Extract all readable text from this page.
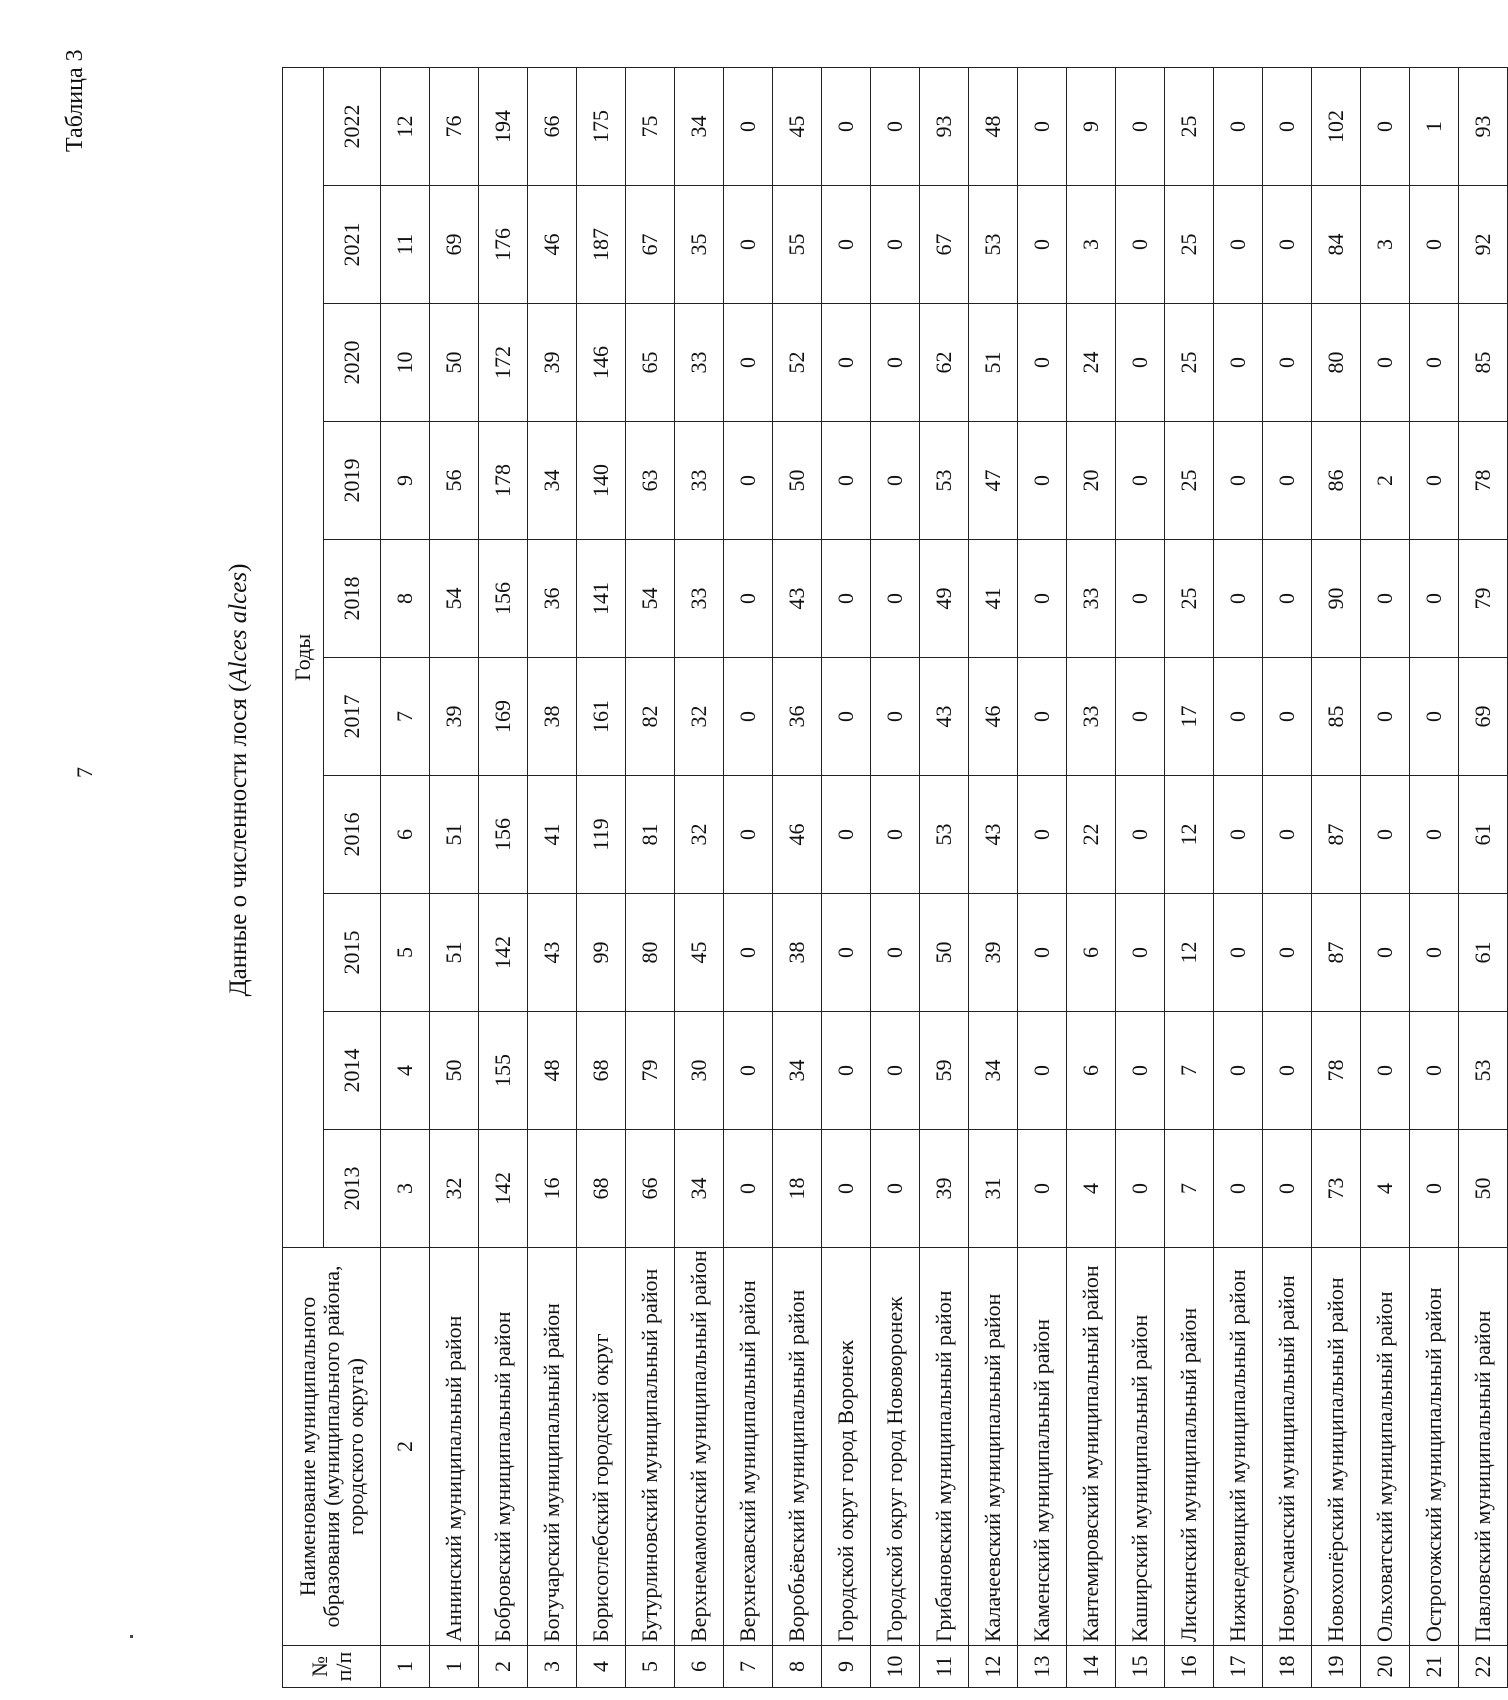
7
Таблица 3
Данные о численности лося (Alces alces)
№ п/п	Наименование муниципального образования (муниципального района, городского округа)	Годы									
		2013	2014	2015	2016	2017	2018	2019	2020	2021	2022
1	2	3	4	5	6	7	8	9	10	11	12
1	Аннинский муниципальный район	32	50	51	51	39	54	56	50	69	76
2	Бобровский муниципальный район	142	155	142	156	169	156	178	172	176	194
3	Богучарский муниципальный район	16	48	43	41	38	36	34	39	46	66
4	Борисоглебский городской округ	68	68	99	119	161	141	140	146	187	175
5	Бутурлиновский муниципальный район	66	79	80	81	82	54	63	65	67	75
6	Верхнемамонский муниципальный район	34	30	45	32	32	33	33	33	35	34
7	Верхнехавский муниципальный район	0	0	0	0	0	0	0	0	0	0
8	Воробьёвский муниципальный район	18	34	38	46	36	43	50	52	55	45
9	Городской округ город Воронеж	0	0	0	0	0	0	0	0	0	0
10	Городской округ город Нововоронеж	0	0	0	0	0	0	0	0	0	0
11	Грибановский муниципальный район	39	59	50	53	43	49	53	62	67	93
12	Калачеевский муниципальный район	31	34	39	43	46	41	47	51	53	48
13	Каменский муниципальный район	0	0	0	0	0	0	0	0	0	0
14	Кантемировский муниципальный район	4	6	6	22	33	33	20	24	3	9
15	Каширский муниципальный район	0	0	0	0	0	0	0	0	0	0
16	Лискинский муниципальный район	7	7	12	12	17	25	25	25	25	25
17	Нижнедевицкий муниципальный район	0	0	0	0	0	0	0	0	0	0
18	Новоусманский муниципальный район	0	0	0	0	0	0	0	0	0	0
19	Новохопёрский муниципальный район	73	78	87	87	85	90	86	80	84	102
20	Ольховатский муниципальный район	4	0	0	0	0	0	2	0	3	0
21	Острогожский муниципальный район	0	0	0	0	0	0	0	0	0	1
22	Павловский муниципальный район	50	53	61	61	69	79	78	85	92	93
